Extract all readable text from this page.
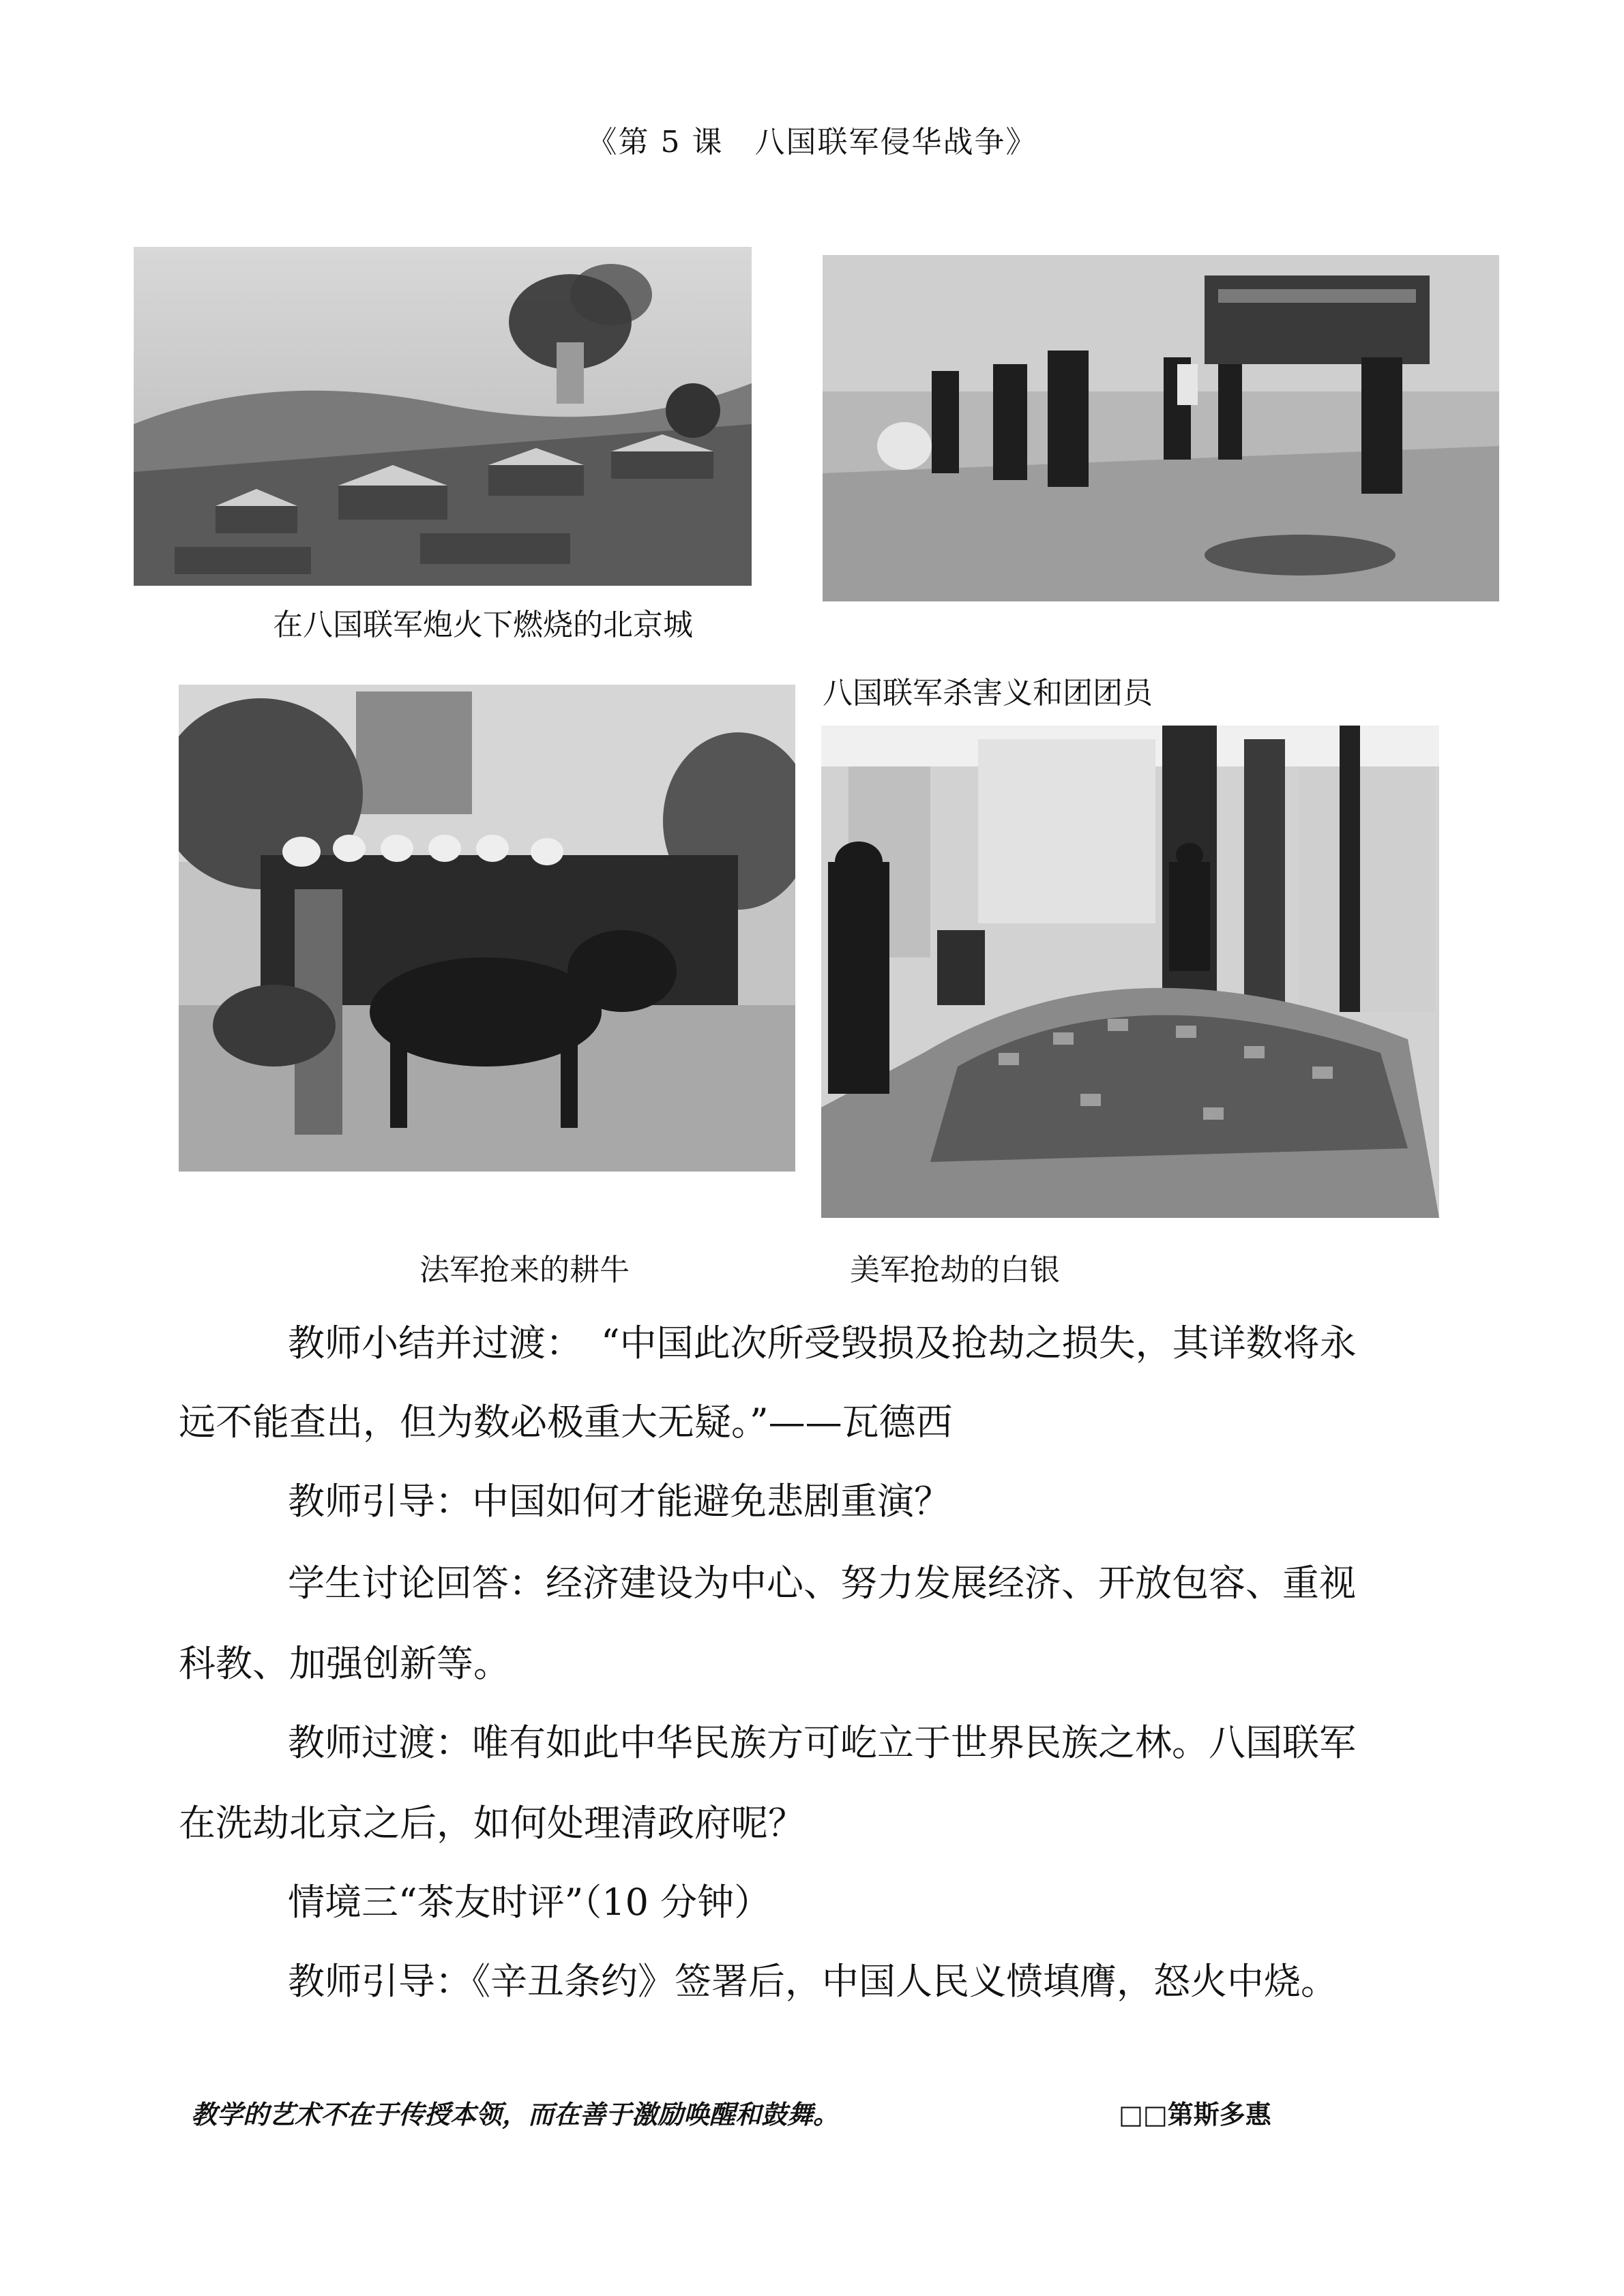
《第 5 课　八国联军侵华战争》
在八国联军炮火下燃烧的北京城
八国联军杀害义和团团员
法军抢来的耕牛	美军抢劫的白银
教师小结并过渡：　“中国此次所受毁损及抢劫之损失，其详数将永
远不能查出，但为数必极重大无疑。”——瓦德西
教师引导：中国如何才能避免悲剧重演？
学生讨论回答：经济建设为中心、努力发展经济、开放包容、重视
科教、加强创新等。
教师过渡：唯有如此中华民族方可屹立于世界民族之林。八国联军
在洗劫北京之后，如何处理清政府呢？
情境三“茶友时评”（10 分钟）
教师引导：《辛丑条约》签署后，中国人民义愤填膺，怒火中烧。
教学的艺术不在于传授本领，而在善于激励唤醒和鼓舞。	□□第斯多惠
